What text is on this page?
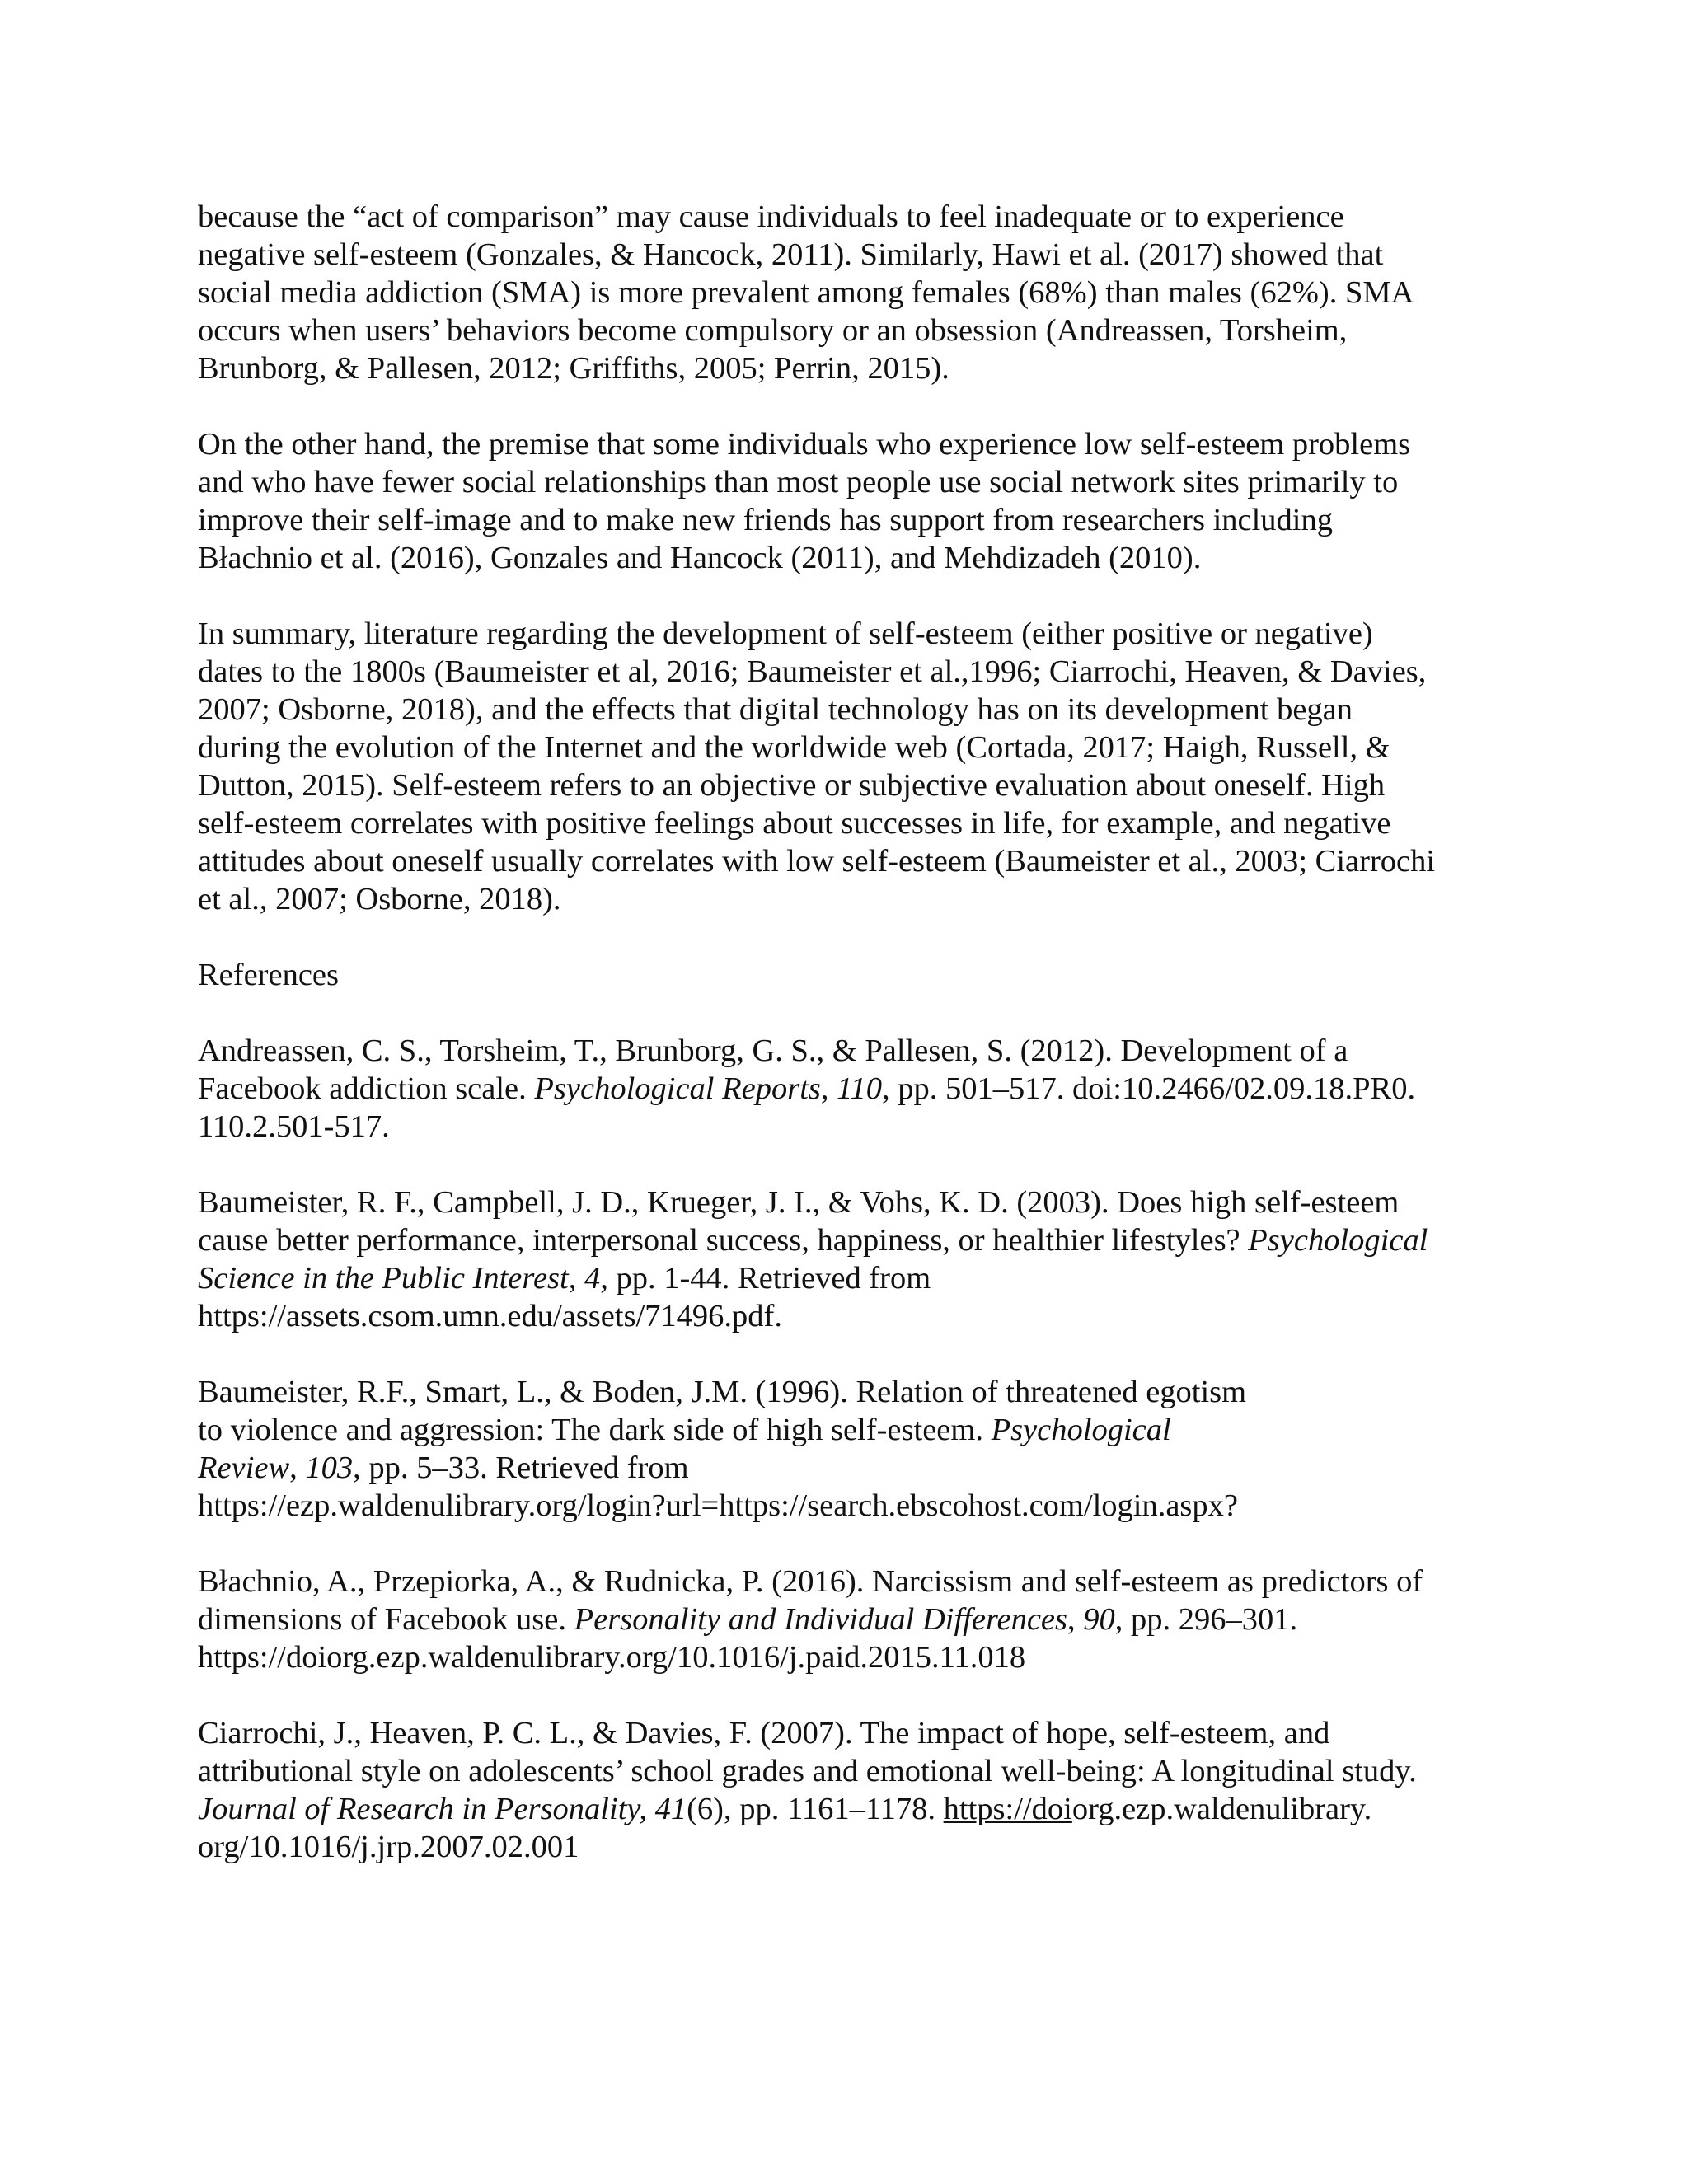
because the “act of comparison” may cause individuals to feel inadequate or to experience
negative self-esteem (Gonzales, & Hancock, 2011). Similarly, Hawi et al. (2017) showed that
social media addiction (SMA) is more prevalent among females (68%) than males (62%). SMA
occurs when users’ behaviors become compulsory or an obsession (Andreassen, Torsheim,
Brunborg, & Pallesen, 2012; Griffiths, 2005; Perrin, 2015).
On the other hand, the premise that some individuals who experience low self-esteem problems
and who have fewer social relationships than most people use social network sites primarily to
improve their self-image and to make new friends has support from researchers including
Błachnio et al. (2016), Gonzales and Hancock (2011), and Mehdizadeh (2010).
In summary, literature regarding the development of self-esteem (either positive or negative)
dates to the 1800s (Baumeister et al, 2016; Baumeister et al.,1996; Ciarrochi, Heaven, & Davies,
2007; Osborne, 2018), and the effects that digital technology has on its development began
during the evolution of the Internet and the worldwide web (Cortada, 2017; Haigh, Russell, &
Dutton, 2015). Self-esteem refers to an objective or subjective evaluation about oneself. High
self-esteem correlates with positive feelings about successes in life, for example, and negative
attitudes about oneself usually correlates with low self-esteem (Baumeister et al., 2003; Ciarrochi
et al., 2007; Osborne, 2018).
References
Andreassen, C. S., Torsheim, T., Brunborg, G. S., & Pallesen, S. (2012). Development of a
Facebook addiction scale. Psychological Reports, 110, pp. 501–517. doi:10.2466/02.09.18.PR0.
110.2.501-517.
Baumeister, R. F., Campbell, J. D., Krueger, J. I., & Vohs, K. D. (2003). Does high self-esteem
cause better performance, interpersonal success, happiness, or healthier lifestyles? Psychological
Science in the Public Interest, 4, pp. 1-44. Retrieved from
https://assets.csom.umn.edu/assets/71496.pdf.
Baumeister, R.F., Smart, L., & Boden, J.M. (1996). Relation of threatened egotism
to violence and aggression: The dark side of high self-esteem. Psychological
Review, 103, pp. 5–33. Retrieved from
https://ezp.waldenulibrary.org/login?url=https://search.ebscohost.com/login.aspx?
Błachnio, A., Przepiorka, A., & Rudnicka, P. (2016). Narcissism and self-esteem as predictors of
dimensions of Facebook use. Personality and Individual Differences, 90, pp. 296–301.
https://doiorg.ezp.waldenulibrary.org/10.1016/j.paid.2015.11.018
Ciarrochi, J., Heaven, P. C. L., & Davies, F. (2007). The impact of hope, self-esteem, and
attributional style on adolescents’ school grades and emotional well-being: A longitudinal study.
Journal of Research in Personality, 41(6), pp. 1161–1178. https://doiorg.ezp.waldenulibrary.
org/10.1016/j.jrp.2007.02.001
